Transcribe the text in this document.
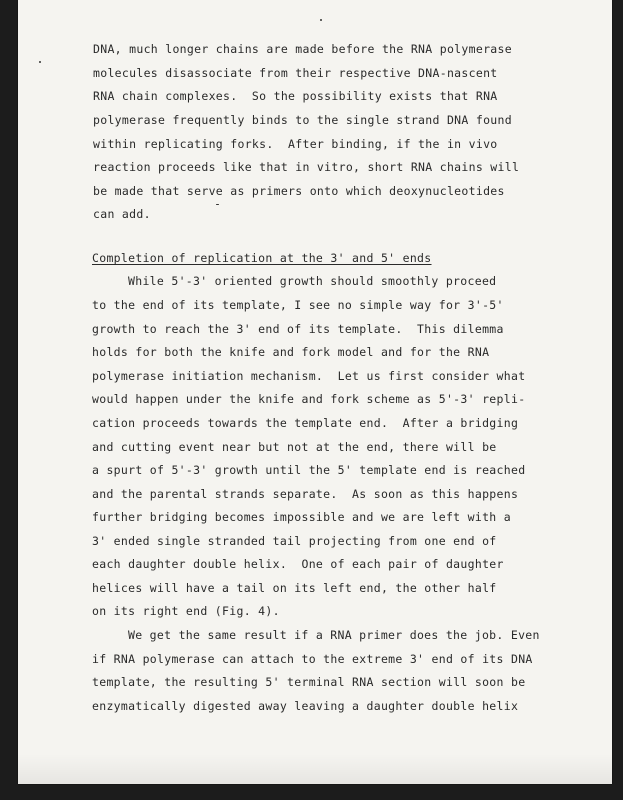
DNA, much longer chains are made before the RNA polymerase
molecules disassociate from their respective DNA-nascent
RNA chain complexes.  So the possibility exists that RNA
polymerase frequently binds to the single strand DNA found
within replicating forks.  After binding, if the in vivo
reaction proceeds like that in vitro, short RNA chains will
be made that serve as primers onto which deoxynucleotides
can add.
Completion of replication at the 3' and 5' ends
While 5'-3' oriented growth should smoothly proceed
to the end of its template, I see no simple way for 3'-5'
growth to reach the 3' end of its template.  This dilemma
holds for both the knife and fork model and for the RNA
polymerase initiation mechanism.  Let us first consider what
would happen under the knife and fork scheme as 5'-3' repli-
cation proceeds towards the template end.  After a bridging
and cutting event near but not at the end, there will be
a spurt of 5'-3' growth until the 5' template end is reached
and the parental strands separate.  As soon as this happens
further bridging becomes impossible and we are left with a
3' ended single stranded tail projecting from one end of
each daughter double helix.  One of each pair of daughter
helices will have a tail on its left end, the other half
on its right end (Fig. 4).
We get the same result if a RNA primer does the job. Even
if RNA polymerase can attach to the extreme 3' end of its DNA
template, the resulting 5' terminal RNA section will soon be
enzymatically digested away leaving a daughter double helix
